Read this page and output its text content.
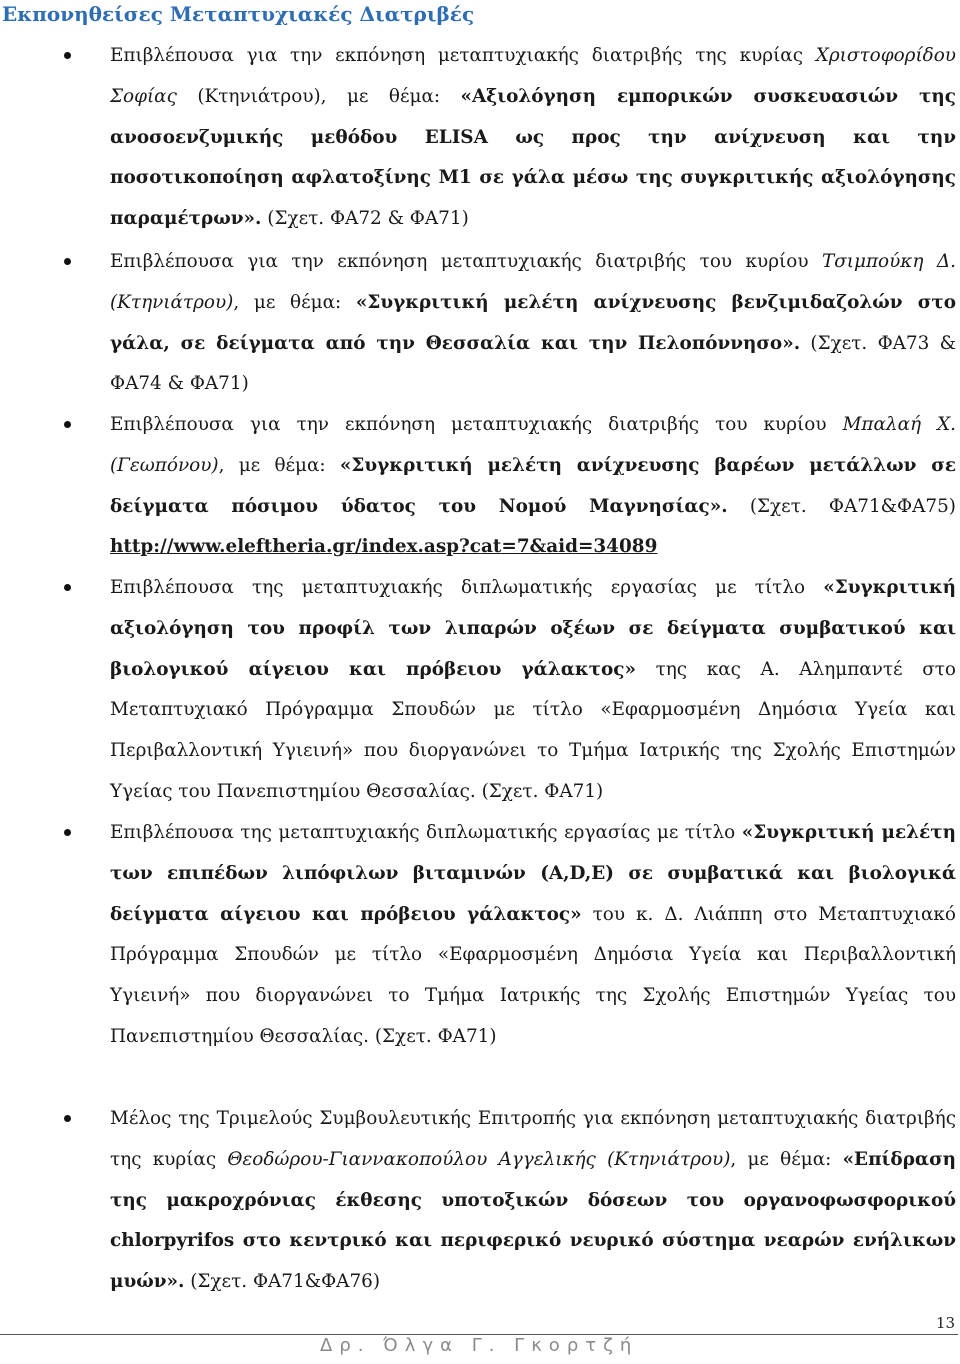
Εκπονηθείσες Μεταπτυχιακές Διατριβές
Επιβλέπουσα για την εκπόνηση μεταπτυχιακής διατριβής της κυρίας Χριστοφορίδου Σοφίας (Κτηνιάτρου), με θέμα: «Αξιολόγηση εμπορικών συσκευασιών της ανοσοενζυμικής μεθόδου ELISA ως προς την ανίχνευση και την ποσοτικοποίηση αφλατοξίνης Μ1 σε γάλα μέσω της συγκριτικής αξιολόγησης παραμέτρων». (Σχετ. ΦΑ72 & ΦΑ71)
Επιβλέπουσα για την εκπόνηση μεταπτυχιακής διατριβής του κυρίου Τσιμπούκη Δ. (Κτηνιάτρου), με θέμα: «Συγκριτική μελέτη ανίχνευσης βενζιμιδαζολών στο γάλα, σε δείγματα από την Θεσσαλία και την Πελοπόννησο». (Σχετ. ΦΑ73 & ΦΑ74 & ΦΑ71)
Επιβλέπουσα για την εκπόνηση μεταπτυχιακής διατριβής του κυρίου Μπαλαή Χ. (Γεωπόνου), με θέμα: «Συγκριτική μελέτη ανίχνευσης βαρέων μετάλλων σε δείγματα πόσιμου ύδατος του Νομού Μαγνησίας». (Σχετ. ΦΑ71&ΦΑ75) http://www.eleftheria.gr/index.asp?cat=7&aid=34089
Επιβλέπουσα της μεταπτυχιακής διπλωματικής εργασίας με τίτλο «Συγκριτική αξιολόγηση του προφίλ των λιπαρών οξέων σε δείγματα συμβατικού και βιολογικού αίγειου και πρόβειου γάλακτος» της κας Α. Αλημπαντέ στο Μεταπτυχιακό Πρόγραμμα Σπουδών με τίτλο «Εφαρμοσμένη Δημόσια Υγεία και Περιβαλλοντική Υγιεινή» που διοργανώνει το Τμήμα Ιατρικής της Σχολής Επιστημών Υγείας του Πανεπιστημίου Θεσσαλίας. (Σχετ. ΦΑ71)
Επιβλέπουσα της μεταπτυχιακής διπλωματικής εργασίας με τίτλο «Συγκριτική μελέτη των επιπέδων λιπόφιλων βιταμινών (A,D,E) σε συμβατικά και βιολογικά δείγματα αίγειου και πρόβειου γάλακτος» του κ. Δ. Λιάππη στο Μεταπτυχιακό Πρόγραμμα Σπουδών με τίτλο «Εφαρμοσμένη Δημόσια Υγεία και Περιβαλλοντική Υγιεινή» που διοργανώνει το Τμήμα Ιατρικής της Σχολής Επιστημών Υγείας του Πανεπιστημίου Θεσσαλίας. (Σχετ. ΦΑ71)
Μέλος της Τριμελούς Συμβουλευτικής Επιτροπής για εκπόνηση μεταπτυχιακής διατριβής της κυρίας Θεοδώρου-Γιαννακοπούλου Αγγελικής (Κτηνιάτρου), με θέμα: «Επίδραση της μακροχρόνιας έκθεσης υποτοξικών δόσεων του οργανοφωσφορικού chlorpyrifos στο κεντρικό και περιφερικό νευρικό σύστημα νεαρών ενήλικων μυών». (Σχετ. ΦΑ71&ΦΑ76)
13
Δρ. Όλγα Γ. Γκορτζή
